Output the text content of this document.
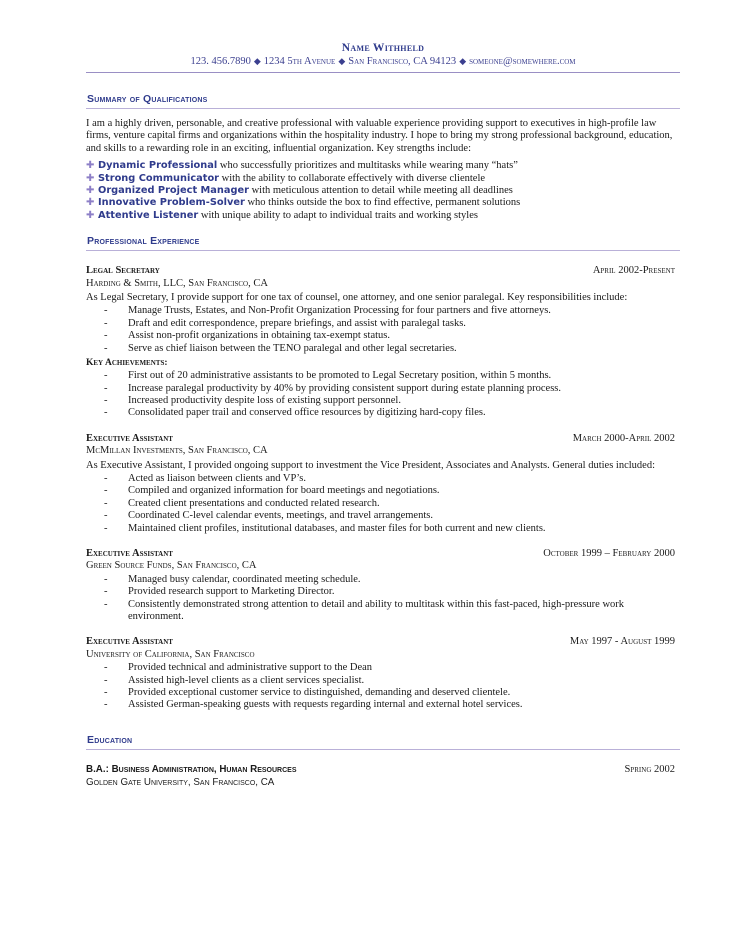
Name Withheld
123. 456.7890 ◆ 1234 5th Avenue ◆ San Francisco, CA 94123 ◆ someone@somewhere.com
Summary of Qualifications

I am a highly driven, personable, and creative professional with valuable experience providing support to executives in high-profile law firms, venture capital firms and organizations within the hospitality industry. I hope to bring my strong professional background, education, and skills to a rewarding role in an exciting, influential organization. Key strengths include:

✚ Dynamic Professional who successfully prioritizes and multitasks while wearing many “hats”
✚ Strong Communicator with the ability to collaborate effectively with diverse clientele
✚ Organized Project Manager with meticulous attention to detail while meeting all deadlines
✚ Innovative Problem-Solver who thinks outside the box to find effective, permanent solutions
✚ Attentive Listener with unique ability to adapt to individual traits and working styles
Professional Experience
Legal Secretary	April 2002-Present
Harding & Smith, LLC, San Francisco, CA
As Legal Secretary, I provide support for one tax of counsel, one attorney, and one senior paralegal. Key responsibilities include:
- Manage Trusts, Estates, and Non-Profit Organization Processing for four partners and five attorneys.
- Draft and edit correspondence, prepare briefings, and assist with paralegal tasks.
- Assist non-profit organizations in obtaining tax-exempt status.
- Serve as chief liaison between the TENO paralegal and other legal secretaries.
Key Achievements:
- First out of 20 administrative assistants to be promoted to Legal Secretary position, within 5 months.
- Increase paralegal productivity by 40% by providing consistent support during estate planning process.
- Increased productivity despite loss of existing support personnel.
- Consolidated paper trail and conserved office resources by digitizing hard-copy files.
Executive Assistant	March 2000-April 2002
McMillan Investments, San Francisco, CA
As Executive Assistant, I provided ongoing support to investment the Vice President, Associates and Analysts. General duties included:
- Acted as liaison between clients and VP’s.
- Compiled and organized information for board meetings and negotiations.
- Created client presentations and conducted related research.
- Coordinated C-level calendar events, meetings, and travel arrangements.
- Maintained client profiles, institutional databases, and master files for both current and new clients.
Executive Assistant	October 1999 – February 2000
Green Source Funds, San Francisco, CA
- Managed busy calendar, coordinated meeting schedule.
- Provided research support to Marketing Director.
- Consistently demonstrated strong attention to detail and ability to multitask within this fast-paced, high-pressure work environment.
Executive Assistant	May 1997 - August 1999
University of California, San Francisco
- Provided technical and administrative support to the Dean
- Assisted high-level clients as a client services specialist.
- Provided exceptional customer service to distinguished, demanding and deserved clientele.
- Assisted German-speaking guests with requests regarding internal and external hotel services.
Education
B.A.: Business Administration, Human Resources	Spring 2002
Golden Gate University, San Francisco, CA
